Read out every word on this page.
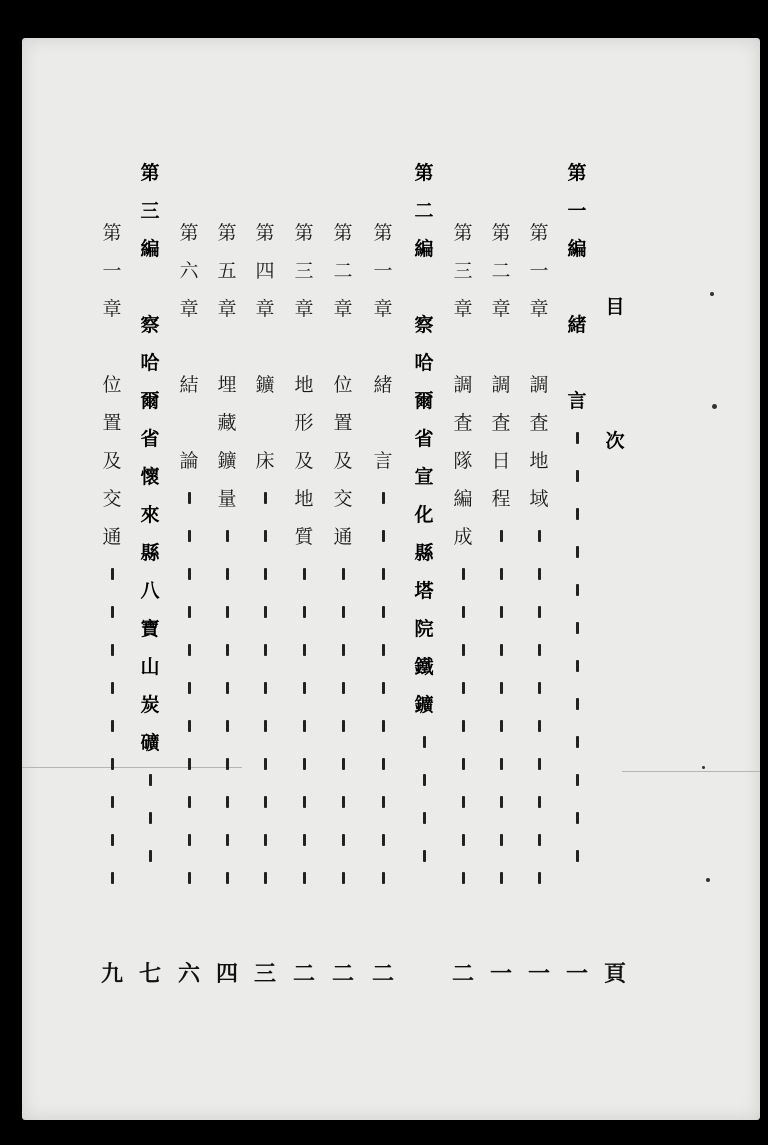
目
次
頁
第
一
編
緒
言
一
第
一
章
調
査
地
域
一
第
二
章
調
査
日
程
一
第
三
章
調
査
隊
編
成
二
第
二
編
察
哈
爾
省
宣
化
縣
塔
院
鐵
鑛
第
一
章
緒
言
二
第
二
章
位
置
及
交
通
二
第
三
章
地
形
及
地
質
二
第
四
章
鑛
床
三
第
五
章
埋
藏
鑛
量
四
第
六
章
結
論
六
第
三
編
察
哈
爾
省
懷
來
縣
八
寶
山
炭
礦
七
第
一
章
位
置
及
交
通
九
